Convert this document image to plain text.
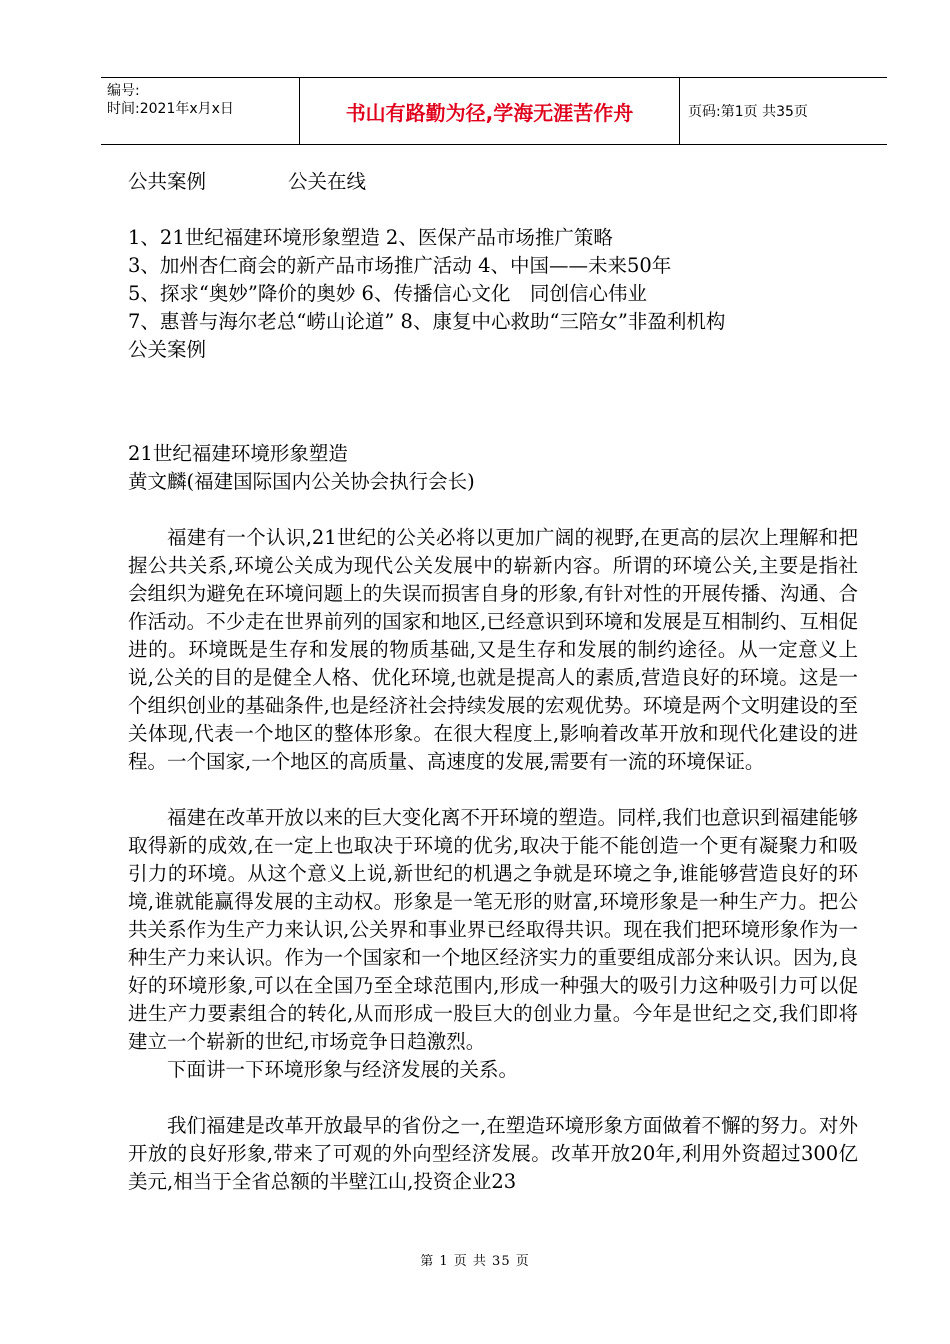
编号:
时间:2021年x月x日	书山有路勤为径,学海无涯苦作舟	页码:第1页 共35页
公共案例	公关在线
1、21世纪福建环境形象塑造 2、医保产品市场推广策略
3、加州杏仁商会的新产品市场推广活动 4、中国——未来50年
5、探求“奥妙”降价的奥妙 6、传播信心文化　同创信心伟业
7、惠普与海尔老总“崂山论道” 8、康复中心救助“三陪女”非盈利机构
公关案例
21世纪福建环境形象塑造
黄文麟(福建国际国内公关协会执行会长)
福建有一个认识,21世纪的公关必将以更加广阔的视野,在更高的层次上理解和把握公共关系,环境公关成为现代公关发展中的崭新内容。所谓的环境公关,主要是指社会组织为避免在环境问题上的失误而损害自身的形象,有针对性的开展传播、沟通、合作活动。不少走在世界前列的国家和地区,已经意识到环境和发展是互相制约、互相促进的。环境既是生存和发展的物质基础,又是生存和发展的制约途径。从一定意义上说,公关的目的是健全人格、优化环境,也就是提高人的素质,营造良好的环境。这是一个组织创业的基础条件,也是经济社会持续发展的宏观优势。环境是两个文明建设的至关体现,代表一个地区的整体形象。在很大程度上,影响着改革开放和现代化建设的进程。一个国家,一个地区的高质量、高速度的发展,需要有一流的环境保证。
福建在改革开放以来的巨大变化离不开环境的塑造。同样,我们也意识到福建能够取得新的成效,在一定上也取决于环境的优劣,取决于能不能创造一个更有凝聚力和吸引力的环境。从这个意义上说,新世纪的机遇之争就是环境之争,谁能够营造良好的环境,谁就能赢得发展的主动权。形象是一笔无形的财富,环境形象是一种生产力。把公共关系作为生产力来认识,公关界和事业界已经取得共识。现在我们把环境形象作为一种生产力来认识。作为一个国家和一个地区经济实力的重要组成部分来认识。因为,良好的环境形象,可以在全国乃至全球范围内,形成一种强大的吸引力这种吸引力可以促进生产力要素组合的转化,从而形成一股巨大的创业力量。今年是世纪之交,我们即将建立一个崭新的世纪,市场竞争日趋激烈。
下面讲一下环境形象与经济发展的关系。
我们福建是改革开放最早的省份之一,在塑造环境形象方面做着不懈的努力。对外开放的良好形象,带来了可观的外向型经济发展。改革开放20年,利用外资超过300亿美元,相当于全省总额的半壁江山,投资企业23
第 1 页 共 35 页
